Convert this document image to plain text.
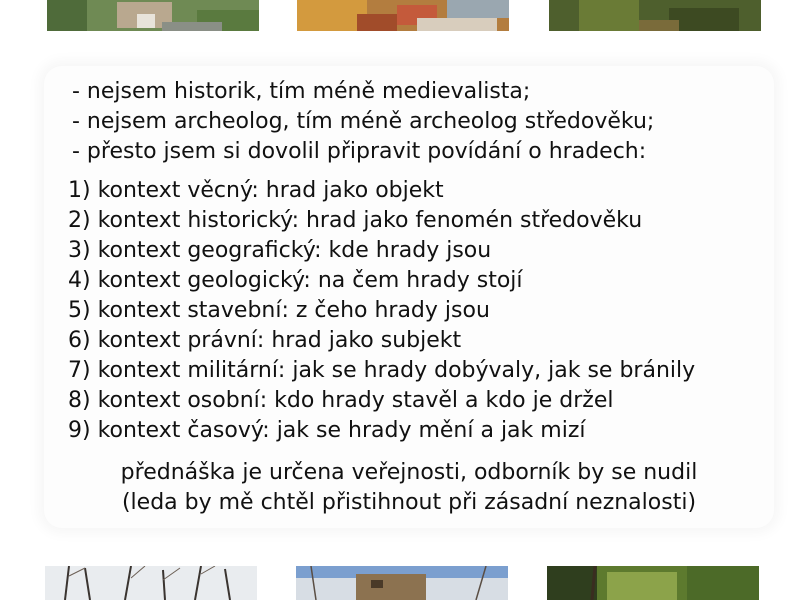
- nejsem historik, tím méně medievalista;
- nejsem archeolog, tím méně archeolog středověku;
- přesto jsem si dovolil připravit povídání o hradech:
1) kontext věcný: hrad jako objekt
2) kontext historický: hrad jako fenomén středověku
3) kontext geografický: kde hrady jsou
4) kontext geologický: na čem hrady stojí
5) kontext stavební: z čeho hrady jsou
6) kontext právní: hrad jako subjekt
7) kontext militární: jak se hrady dobývaly, jak se bránily
8) kontext osobní: kdo hrady stavěl a kdo je držel
9) kontext časový: jak se hrady mění a jak mizí
přednáška je určena veřejnosti, odborník by se nudil
(leda by mě chtěl přistihnout při zásadní neznalosti)
